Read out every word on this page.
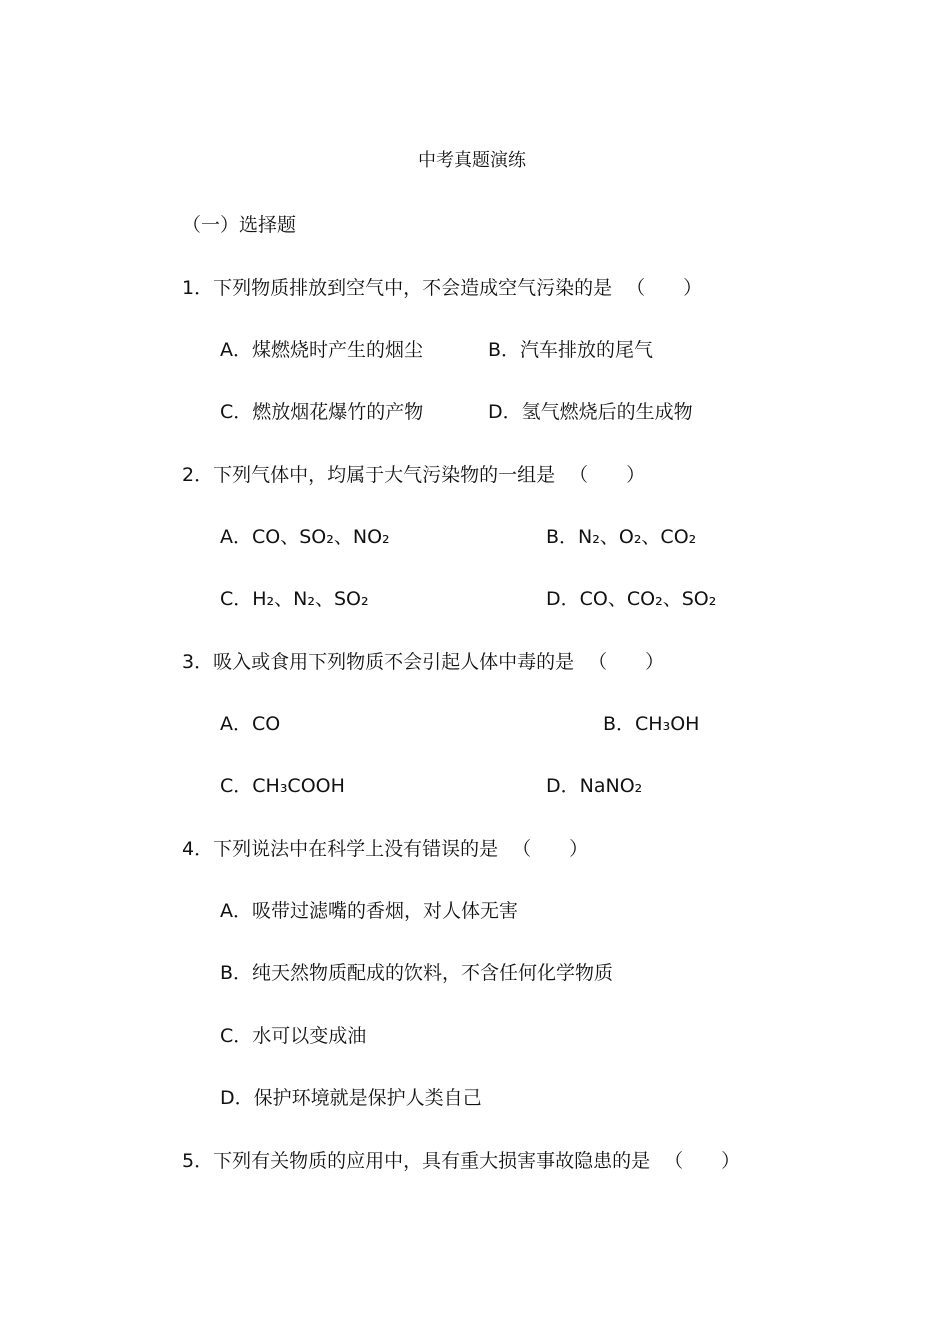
中考真题演练
（一）选择题
1．下列物质排放到空气中，不会造成空气污染的是 （　　）
A．煤燃烧时产生的烟尘	B．汽车排放的尾气
C．燃放烟花爆竹的产物	D．氢气燃烧后的生成物
2．下列气体中，均属于大气污染物的一组是 （　　）
A．CO、SO₂、NO₂	B．N₂、O₂、CO₂
C．H₂、N₂、SO₂	D．CO、CO₂、SO₂
3．吸入或食用下列物质不会引起人体中毒的是 （　　）
A．CO	B．CH₃OH
C．CH₃COOH	D．NaNO₂
4．下列说法中在科学上没有错误的是 （　　）
A．吸带过滤嘴的香烟，对人体无害
B．纯天然物质配成的饮料，不含任何化学物质
C．水可以变成油
D．保护环境就是保护人类自己
5．下列有关物质的应用中，具有重大损害事故隐患的是 （　　）
